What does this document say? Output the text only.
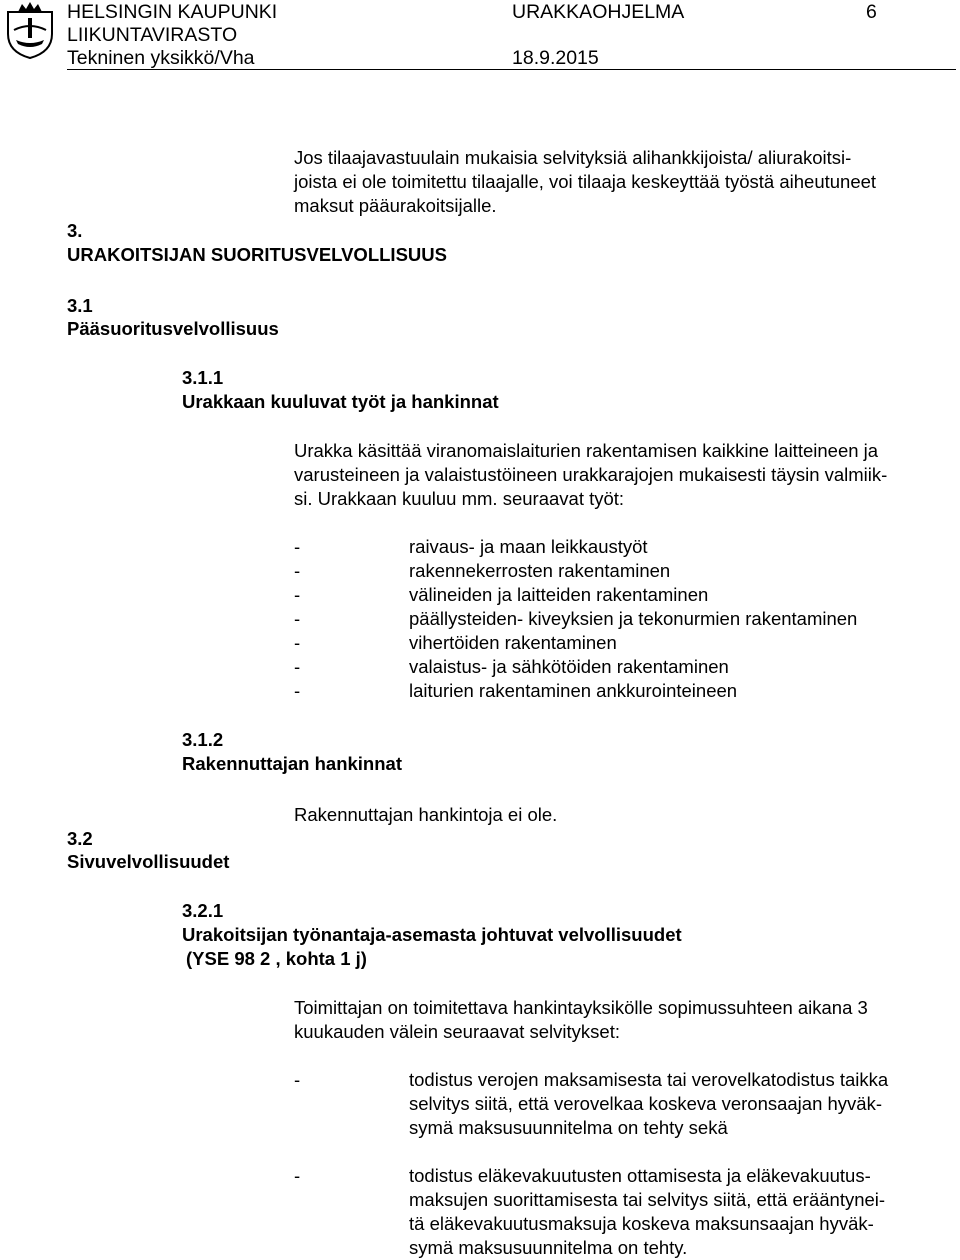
HELSINGIN KAUPUNKI
LIIKUNTAVIRASTO
Tekninen yksikkö/Vha
URAKKAOHJELMA	6
18.9.2015
Jos tilaajavastuulain mukaisia selvityksiä alihankkijoista/ aliurakoitsi-
joista ei ole toimitettu tilaajalle, voi tilaaja keskeyttää työstä aiheutuneet
maksut pääurakoitsijalle.
3.
URAKOITSIJAN SUORITUSVELVOLLISUUS
3.1
Pääsuoritusvelvollisuus
3.1.1
Urakkaan kuuluvat työt ja hankinnat
Urakka käsittää viranomaislaiturien rakentamisen kaikkine laitteineen ja
varusteineen ja valaistustöineen urakkarajojen mukaisesti täysin valmiik-
si. Urakkaan kuuluu mm. seuraavat työt:
-	raivaus- ja maan leikkaustyöt
-	rakennekerrosten rakentaminen
-	välineiden ja laitteiden rakentaminen
-	päällysteiden- kiveyksien ja tekonurmien rakentaminen
-	vihertöiden rakentaminen
-	valaistus- ja sähkötöiden rakentaminen
-	laiturien rakentaminen ankkurointeineen
3.1.2
Rakennuttajan hankinnat
Rakennuttajan hankintoja ei ole.
3.2
Sivuvelvollisuudet
3.2.1
Urakoitsijan työnantaja-asemasta johtuvat velvollisuudet
(YSE 98 2 , kohta 1 j)
Toimittajan on toimitettava hankintayksikölle sopimussuhteen aikana 3
kuukauden välein seuraavat selvitykset:
-	todistus verojen maksamisesta tai verovelkatodistus taikka
selvitys siitä, että verovelkaa koskeva veronsaajan hyväk-
symä maksusuunnitelma on tehty sekä
-	todistus eläkevakuutusten ottamisesta ja eläkevakuutus-
maksujen suorittamisesta tai selvitys siitä, että erääntynei-
tä eläkevakuutusmaksuja koskeva maksunsaajan hyväk-
symä maksusuunnitelma on tehty.
